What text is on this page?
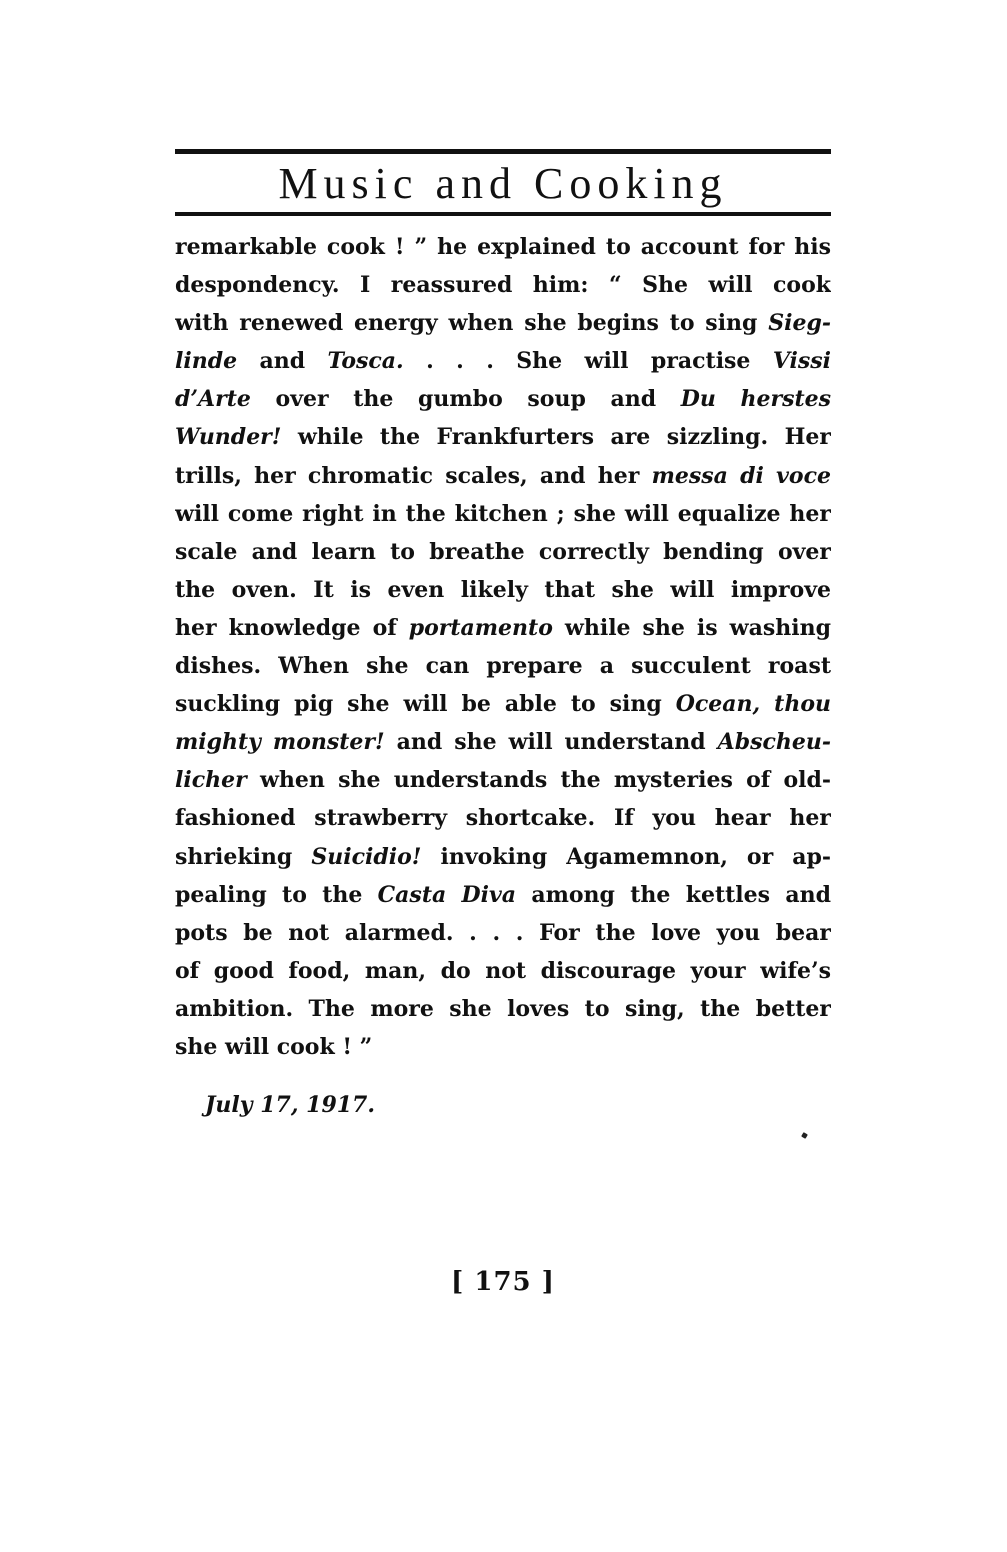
Music and Cooking
remarkable cook ! ” he explained to account for his
despondency. I reassured him: “ She will cook
with renewed energy when she begins to sing Sieg-
linde and Tosca. . . . She will practise Vissi
d’Arte over the gumbo soup and Du herstes
Wunder! while the Frankfurters are sizzling. Her
trills, her chromatic scales, and her messa di voce
will come right in the kitchen ; she will equalize her
scale and learn to breathe correctly bending over
the oven. It is even likely that she will improve
her knowledge of portamento while she is washing
dishes. When she can prepare a succulent roast
suckling pig she will be able to sing Ocean, thou
mighty monster! and she will understand Abscheu-
licher when she understands the mysteries of old-
fashioned strawberry shortcake. If you hear her
shrieking Suicidio! invoking Agamemnon, or ap-
pealing to the Casta Diva among the kettles and
pots be not alarmed. . . . For the love you bear
of good food, man, do not discourage your wife’s
ambition. The more she loves to sing, the better
she will cook ! ”
July 17, 1917.
[ 175 ]
